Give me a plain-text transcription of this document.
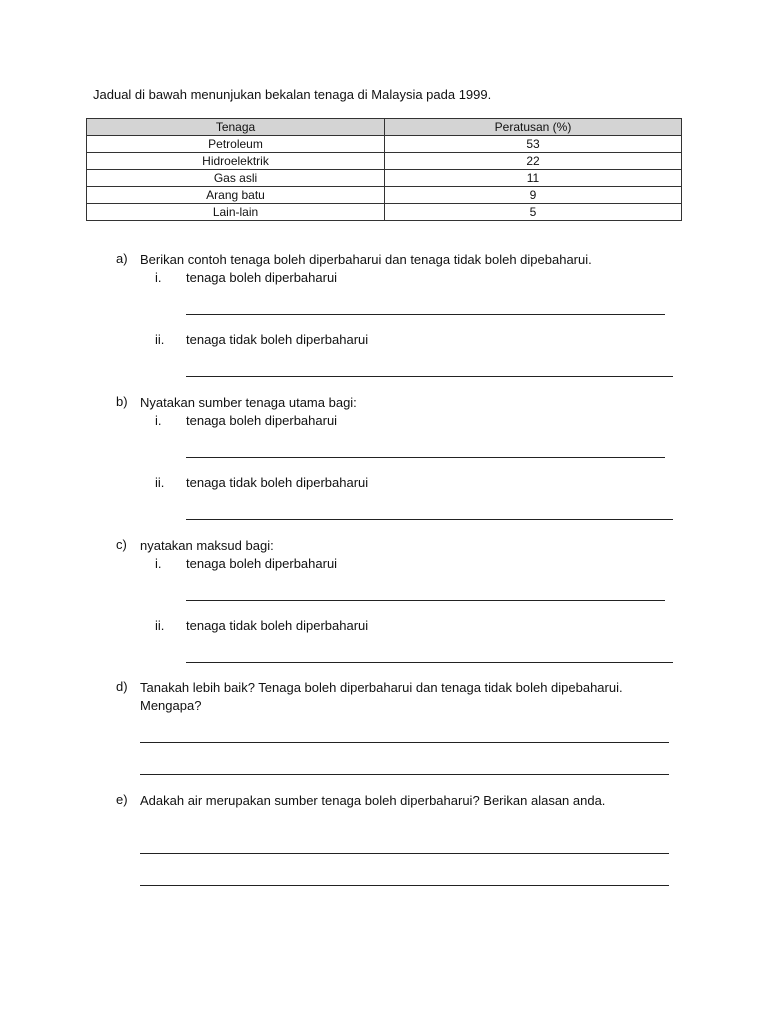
Jadual di bawah menunjukan bekalan tenaga di Malaysia pada 1999.
Tenaga	Peratusan (%)
Petroleum	53
Hidroelektrik	22
Gas asli	11
Arang batu	9
Lain-lain	5
a) Berikan contoh tenaga boleh diperbaharui dan tenaga tidak boleh dipebaharui.
i. tenaga boleh diperbaharui
ii. tenaga tidak boleh diperbaharui
b) Nyatakan sumber tenaga utama bagi:
i. tenaga boleh diperbaharui
ii. tenaga tidak boleh diperbaharui
c) nyatakan maksud bagi:
i. tenaga boleh diperbaharui
ii. tenaga tidak boleh diperbaharui
d) Tanakah lebih baik? Tenaga boleh diperbaharui dan tenaga tidak boleh dipebaharui. Mengapa?
e) Adakah air merupakan sumber tenaga boleh diperbaharui? Berikan alasan anda.
